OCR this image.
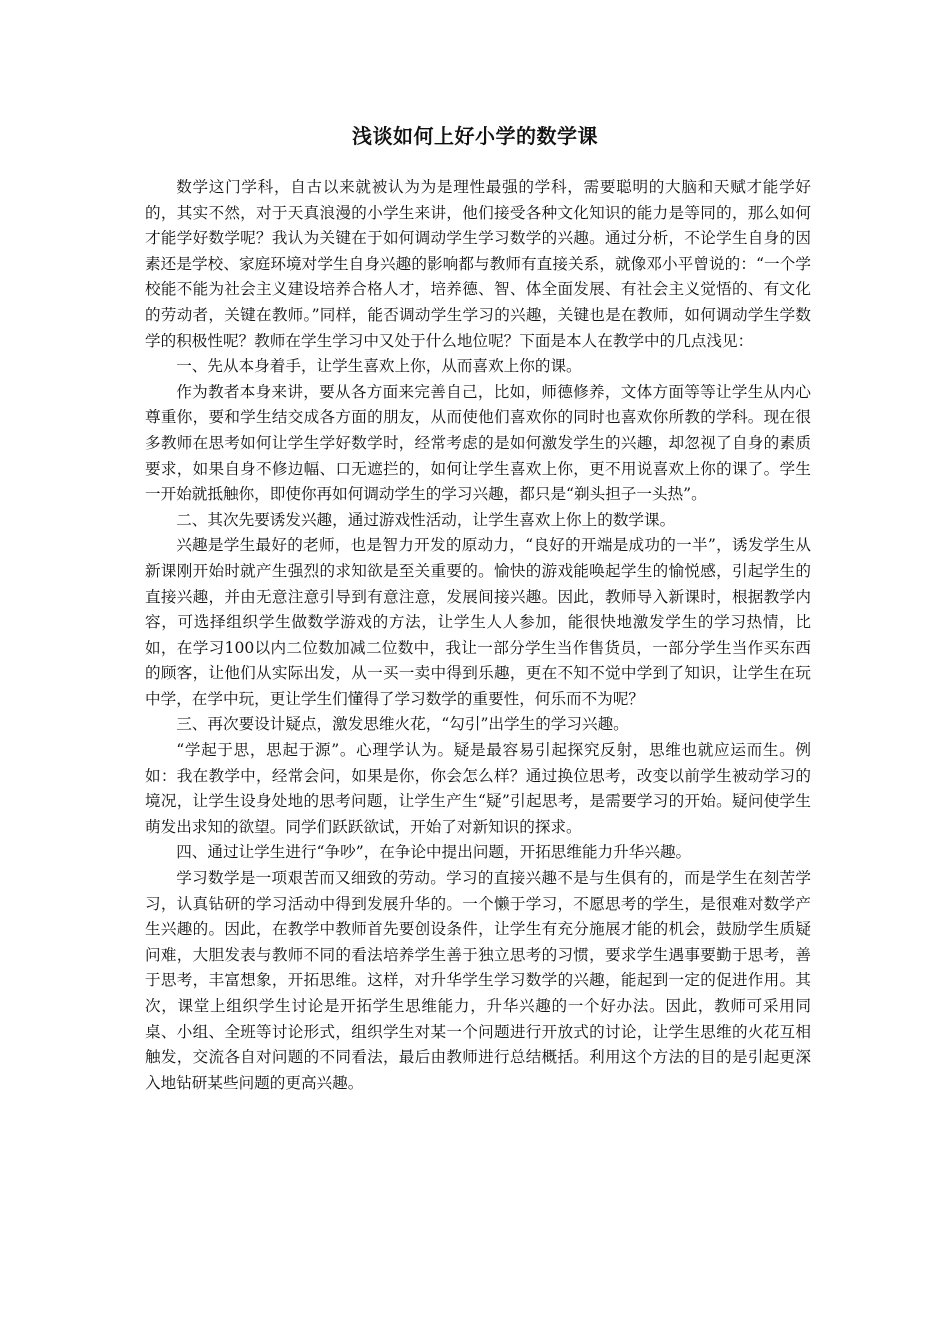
浅谈如何上好小学的数学课

数学这门学科，自古以来就被认为为是理性最强的学科，需要聪明的大脑和天赋才能学好的，其实不然，对于天真浪漫的小学生来讲，他们接受各种文化知识的能力是等同的，那么如何才能学好数学呢？我认为关键在于如何调动学生学习数学的兴趣。通过分析，不论学生自身的因素还是学校、家庭环境对学生自身兴趣的影响都与教师有直接关系，就像邓小平曾说的：“一个学校能不能为社会主义建设培养合格人才，培养德、智、体全面发展、有社会主义觉悟的、有文化的劳动者，关键在教师。”同样，能否调动学生学习的兴趣，关键也是在教师，如何调动学生学数学的积极性呢？教师在学生学习中又处于什么地位呢？下面是本人在教学中的几点浅见：

一、先从本身着手，让学生喜欢上你，从而喜欢上你的课。

作为教者本身来讲，要从各方面来完善自己，比如，师德修养，文体方面等等让学生从内心尊重你，要和学生结交成各方面的朋友，从而使他们喜欢你的同时也喜欢你所教的学科。现在很多教师在思考如何让学生学好数学时，经常考虑的是如何激发学生的兴趣，却忽视了自身的素质要求，如果自身不修边幅、口无遮拦的，如何让学生喜欢上你，更不用说喜欢上你的课了。学生一开始就抵触你，即使你再如何调动学生的学习兴趣，都只是“剃头担子一头热”。

二、其次先要诱发兴趣，通过游戏性活动，让学生喜欢上你上的数学课。

兴趣是学生最好的老师，也是智力开发的原动力，“良好的开端是成功的一半”，诱发学生从新课刚开始时就产生强烈的求知欲是至关重要的。愉快的游戏能唤起学生的愉悦感，引起学生的直接兴趣，并由无意注意引导到有意注意，发展间接兴趣。因此，教师导入新课时，根据教学内容，可选择组织学生做数学游戏的方法，让学生人人参加，能很快地激发学生的学习热情，比如，在学习100以内二位数加减二位数中，我让一部分学生当作售货员，一部分学生当作买东西的顾客，让他们从实际出发，从一买一卖中得到乐趣，更在不知不觉中学到了知识，让学生在玩中学，在学中玩，更让学生们懂得了学习数学的重要性，何乐而不为呢？

三、再次要设计疑点，激发思维火花，“勾引”出学生的学习兴趣。

“学起于思，思起于源”。心理学认为。疑是最容易引起探究反射，思维也就应运而生。例如：我在教学中，经常会问，如果是你，你会怎么样？通过换位思考，改变以前学生被动学习的境况，让学生设身处地的思考问题，让学生产生“疑”引起思考，是需要学习的开始。疑问使学生萌发出求知的欲望。同学们跃跃欲试，开始了对新知识的探求。

四、通过让学生进行“争吵”，在争论中提出问题，开拓思维能力升华兴趣。

学习数学是一项艰苦而又细致的劳动。学习的直接兴趣不是与生俱有的，而是学生在刻苦学习，认真钻研的学习活动中得到发展升华的。一个懒于学习，不愿思考的学生，是很难对数学产生兴趣的。因此，在教学中教师首先要创设条件，让学生有充分施展才能的机会，鼓励学生质疑问难，大胆发表与教师不同的看法培养学生善于独立思考的习惯，要求学生遇事要勤于思考，善于思考，丰富想象，开拓思维。这样，对升华学生学习数学的兴趣，能起到一定的促进作用。其次，课堂上组织学生讨论是开拓学生思维能力，升华兴趣的一个好办法。因此，教师可采用同桌、小组、全班等讨论形式，组织学生对某一个问题进行开放式的讨论，让学生思维的火花互相触发，交流各自对问题的不同看法，最后由教师进行总结概括。利用这个方法的目的是引起更深入地钻研某些问题的更高兴趣。
